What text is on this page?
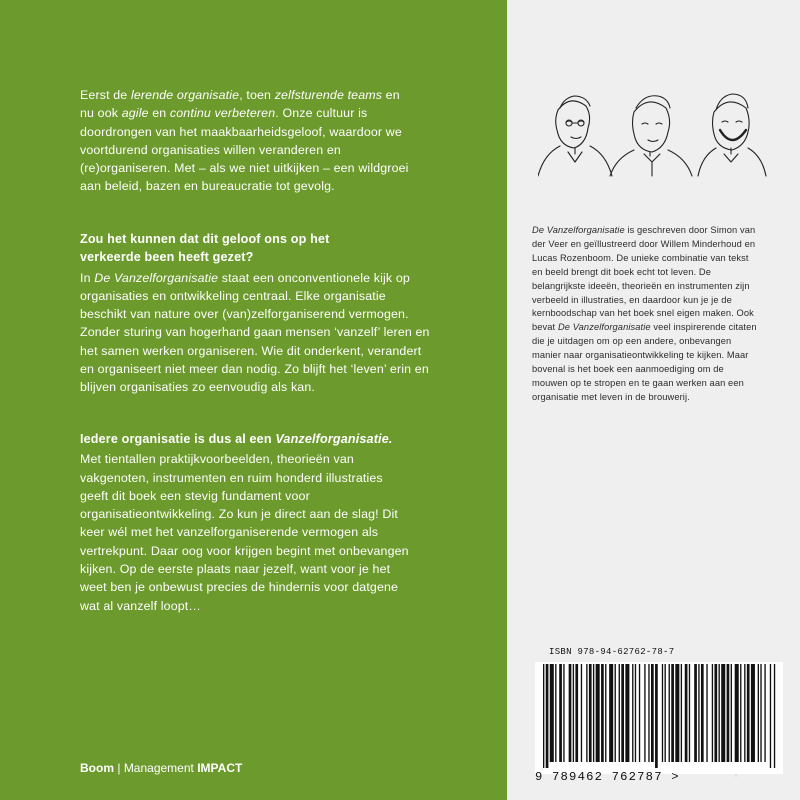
Eerst de lerende organisatie, toen zelfsturende teams en nu ook agile en continu verbeteren. Onze cultuur is doordrongen van het maakbaarheidsgeloof, waardoor we voortdurend organisaties willen veranderen en (re)organiseren. Met – als we niet uitkijken – een wildgroei aan beleid, bazen en bureaucratie tot gevolg.

Zou het kunnen dat dit geloof ons op het verkeerde been heeft gezet?

In De Vanzelforganisatie staat een onconventionele kijk op organisaties en ontwikkeling centraal. Elke organisatie beschikt van nature over (van)zelforganiserend vermogen. Zonder sturing van hogerhand gaan mensen ‘vanzelf’ leren en het samen werken organiseren. Wie dit onderkent, verandert en organiseert niet meer dan nodig. Zo blijft het ‘leven’ erin en blijven organisaties zo eenvoudig als kan.

Iedere organisatie is dus al een Vanzelforganisatie.

Met tientallen praktijkvoorbeelden, theorieën van vakgenoten, instrumenten en ruim honderd illustraties geeft dit boek een stevig fundament voor organisatieontwikkeling. Zo kun je direct aan de slag! Dit keer wél met het vanzelforganiserende vermogen als vertrekpunt. Daar oog voor krijgen begint met onbevangen kijken. Op de eerste plaats naar jezelf, want voor je het weet ben je onbewust precies de hindernis voor datgene wat al vanzelf loopt…

Boom | Management IMPACT
De Vanzelforganisatie is geschreven door Simon van der Veer en geïllustreerd door Willem Minderhoud en Lucas Rozenboom. De unieke combinatie van tekst en beeld brengt dit boek echt tot leven. De belangrijkste ideeën, theorieën en instrumenten zijn verbeeld in illustraties, en daardoor kun je je de kernboodschap van het boek snel eigen maken. Ook bevat De Vanzelforganisatie veel inspirerende citaten die je uitdagen om op een andere, onbevangen manier naar organisatieontwikkeling te kijken. Maar bovenal is het boek een aanmoediging om de mouwen op te stropen en te gaan werken aan een organisatie met leven in de brouwerij.
ISBN 978-94-62762-78-7
9 789462 762787 >
